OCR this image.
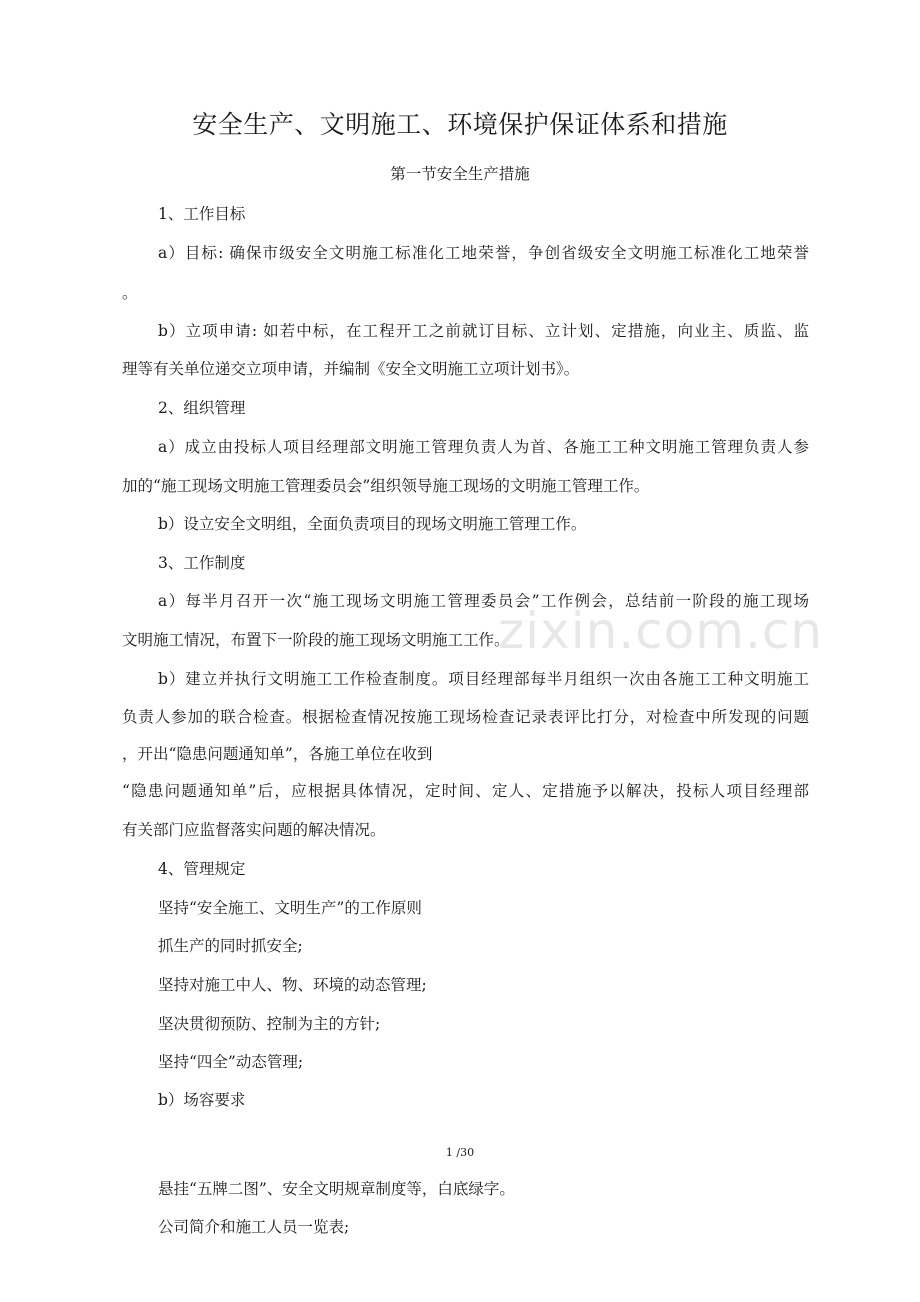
安全生产、文明施工、环境保护保证体系和措施
第一节安全生产措施
1、工作目标
a）目标: 确保市级安全文明施工标准化工地荣誉，争创省级安全文明施工标准化工地荣誉
。
b）立项申请: 如若中标，在工程开工之前就订目标、立计划、定措施，向业主、质监、监
理等有关单位递交立项申请，并编制《安全文明施工立项计划书》。
2、组织管理
a）成立由投标人项目经理部文明施工管理负责人为首、各施工工种文明施工管理负责人参
加的“施工现场文明施工管理委员会”组织领导施工现场的文明施工管理工作。
b）设立安全文明组，全面负责项目的现场文明施工管理工作。
3、工作制度
a）每半月召开一次“施工现场文明施工管理委员会”工作例会，总结前一阶段的施工现场
文明施工情况，布置下一阶段的施工现场文明施工工作。
b）建立并执行文明施工工作检查制度。项目经理部每半月组织一次由各施工工种文明施工
负责人参加的联合检查。根据检查情况按施工现场检查记录表评比打分，对检查中所发现的问题
，开出“隐患问题通知单”，各施工单位在收到
“隐患问题通知单”后，应根据具体情况，定时间、定人、定措施予以解决，投标人项目经理部
有关部门应监督落实问题的解决情况。
4、管理规定
坚持“安全施工、文明生产”的工作原则
抓生产的同时抓安全;
坚持对施工中人、物、环境的动态管理;
坚决贯彻预防、控制为主的方针;
坚持“四全”动态管理;
b）场容要求
1 /30
悬挂“五牌二图”、安全文明规章制度等，白底绿字。
公司简介和施工人员一览表;
zixin.com.cn
